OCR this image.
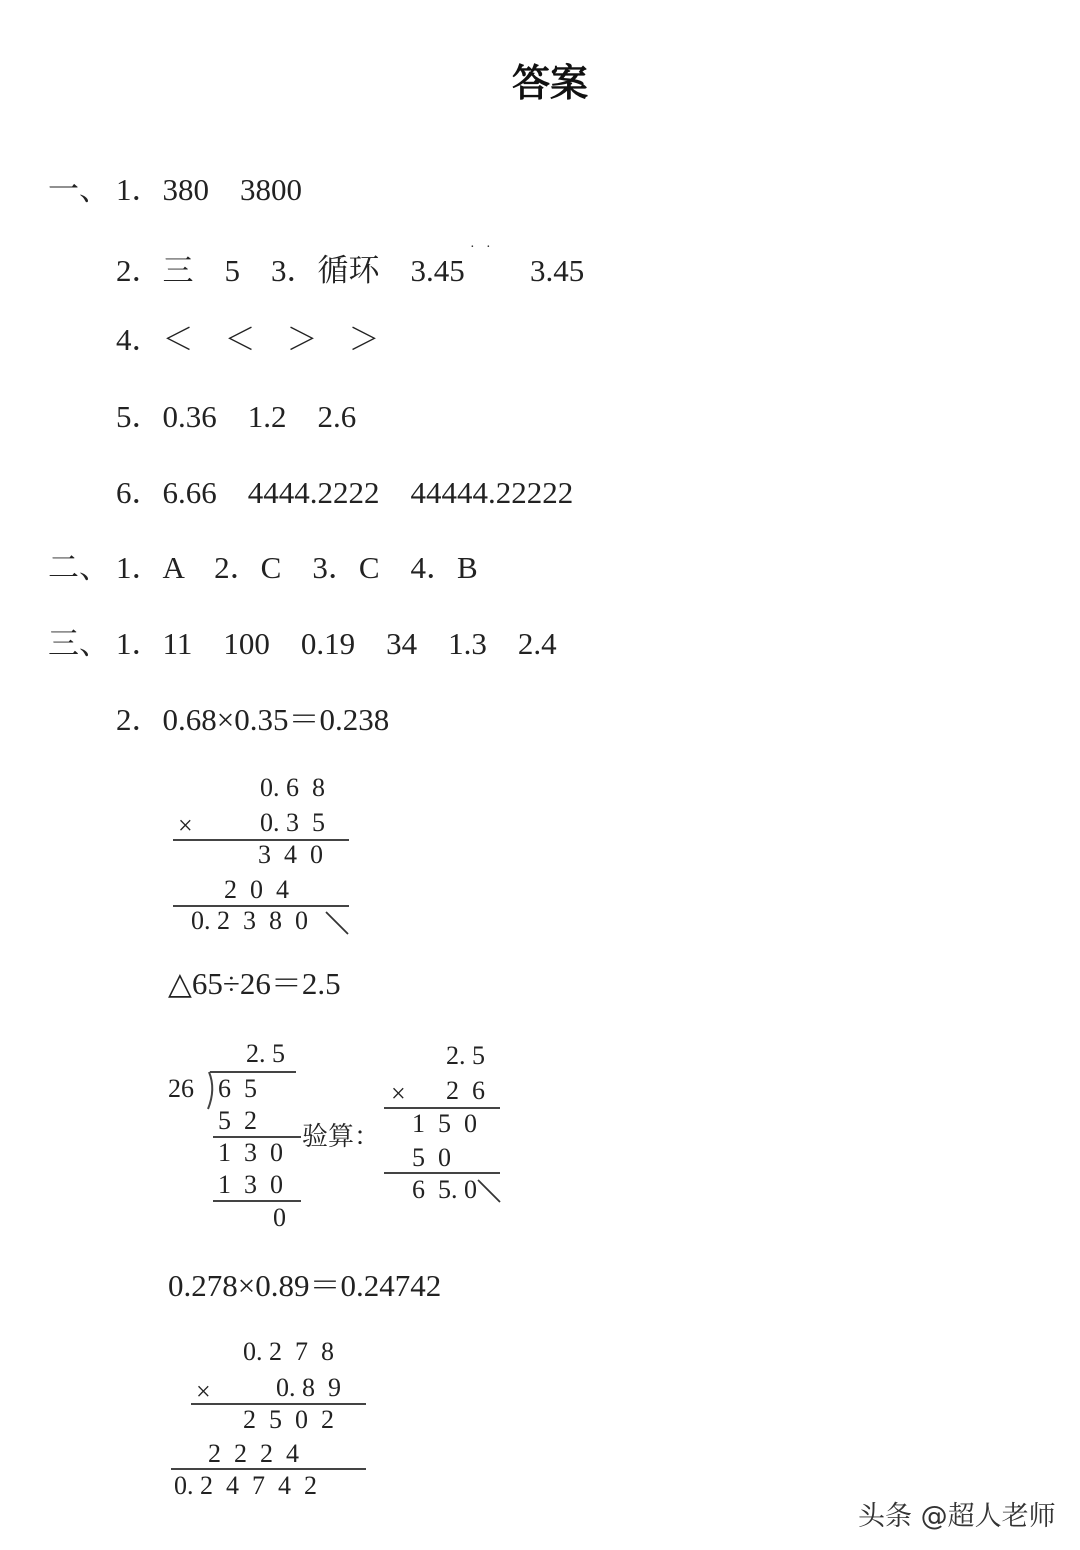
答案
一、 1．380　3800
2．三　5　3．循环　3.45 3.45
· ·
4．＜　＜　＞　＞
5．0.36　1.2　2.6
6．6.66　4444.2222　44444.22222
二、 1．A　2．C　3．C　4．B
三、 1．11　100　0.19　34　1.3　2.4
2．0.68×0.35＝0.238
0. 6  8
×	0. 3  5
3  4  0
2  0  4
0. 2  3  8  0
△65÷26＝2.5
2. 5
26 6  5
5  2
1  3  0
1  3  0
0
验算：
2. 5
× 2  6
1  5  0
5  0
6  5. 0
0.278×0.89＝0.24742
0. 2  7  8
×	0. 8  9
2  5  0  2
2  2  2  4
0. 2  4  7  4  2
头条 @超人老师
